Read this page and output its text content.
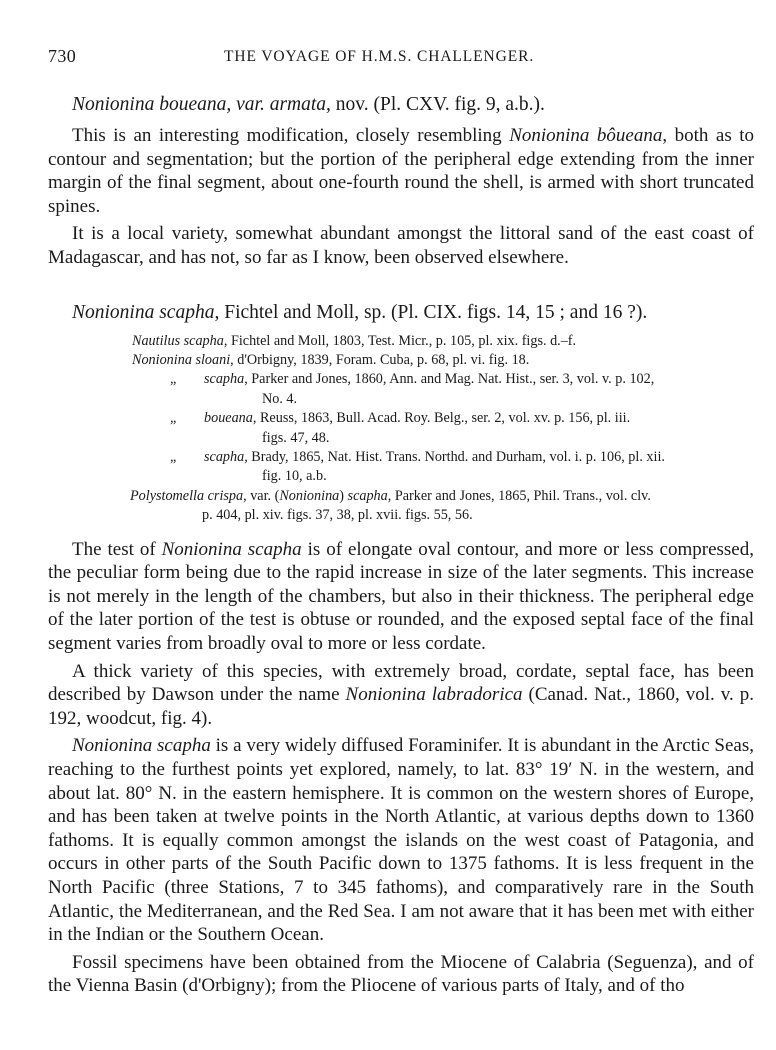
730	THE VOYAGE OF H.M.S. CHALLENGER.
Nonionina boueana, var. armata, nov. (Pl. CXV. fig. 9, a.b.).

This is an interesting modification, closely resembling Nonionina bôueana, both as to contour and segmentation; but the portion of the peripheral edge extending from the inner margin of the final segment, about one-fourth round the shell, is armed with short truncated spines.

It is a local variety, somewhat abundant amongst the littoral sand of the east coast of Madagascar, and has not, so far as I know, been observed elsewhere.

Nonionina scapha, Fichtel and Moll, sp. (Pl. CIX. figs. 14, 15 ; and 16 ?).
Nautilus scapha, Fichtel and Moll, 1803, Test. Micr., p. 105, pl. xix. figs. d.–f.
Nonionina sloani, d'Orbigny, 1839, Foram. Cuba, p. 68, pl. vi. fig. 18.
„ scapha, Parker and Jones, 1860, Ann. and Mag. Nat. Hist., ser. 3, vol. v. p. 102,
No. 4.
„ boueana, Reuss, 1863, Bull. Acad. Roy. Belg., ser. 2, vol. xv. p. 156, pl. iii.
figs. 47, 48.
„ scapha, Brady, 1865, Nat. Hist. Trans. Northd. and Durham, vol. i. p. 106, pl. xii.
fig. 10, a.b.
Polystomella crispa, var. (Nonionina) scapha, Parker and Jones, 1865, Phil. Trans., vol. clv.
p. 404, pl. xiv. figs. 37, 38, pl. xvii. figs. 55, 56.

The test of Nonionina scapha is of elongate oval contour, and more or less compressed, the peculiar form being due to the rapid increase in size of the later segments. This increase is not merely in the length of the chambers, but also in their thickness. The peripheral edge of the later portion of the test is obtuse or rounded, and the exposed septal face of the final segment varies from broadly oval to more or less cordate.

A thick variety of this species, with extremely broad, cordate, septal face, has been described by Dawson under the name Nonionina labradorica (Canad. Nat., 1860, vol. v. p. 192, woodcut, fig. 4).

Nonionina scapha is a very widely diffused Foraminifer. It is abundant in the Arctic Seas, reaching to the furthest points yet explored, namely, to lat. 83° 19′ N. in the western, and about lat. 80° N. in the eastern hemisphere. It is common on the western shores of Europe, and has been taken at twelve points in the North Atlantic, at various depths down to 1360 fathoms. It is equally common amongst the islands on the west coast of Patagonia, and occurs in other parts of the South Pacific down to 1375 fathoms. It is less frequent in the North Pacific (three Stations, 7 to 345 fathoms), and comparatively rare in the South Atlantic, the Mediterranean, and the Red Sea. I am not aware that it has been met with either in the Indian or the Southern Ocean.

Fossil specimens have been obtained from the Miocene of Calabria (Seguenza), and of the Vienna Basin (d'Orbigny); from the Pliocene of various parts of Italy, and of tho
